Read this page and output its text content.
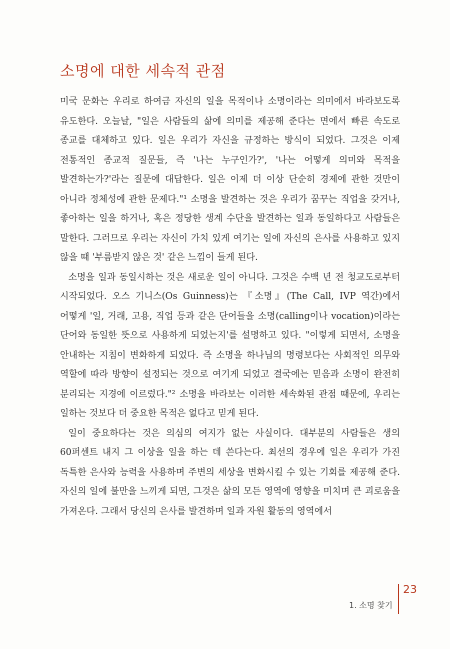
소명에 대한 세속적 관점

미국 문화는 우리로 하여금 자신의 일을 목적이나 소명이라는 의미에서 바라보도록 유도한다. 오늘날, "일은 사람들의 삶에 의미를 제공해 준다는 면에서 빠른 속도로 종교를 대체하고 있다. 일은 우리가 자신을 규정하는 방식이 되었다. 그것은 이제 전통적인 종교적 질문들, 즉 '나는 누구인가?', '나는 어떻게 의미와 목적을 발견하는가?'라는 질문에 대답한다. 일은 이제 더 이상 단순히 경제에 관한 것만이 아니라 정체성에 관한 문제다."¹ 소명을 발견하는 것은 우리가 꿈꾸는 직업을 갖거나, 좋아하는 일을 하거나, 혹은 정당한 생계 수단을 발견하는 일과 동일하다고 사람들은 말한다. 그러므로 우리는 자신이 가치 있게 여기는 일에 자신의 은사를 사용하고 있지 않을 때 '부름받지 않은 것' 같은 느낌이 들게 된다.

소명을 일과 동일시하는 것은 새로운 일이 아니다. 그것은 수백 년 전 청교도로부터 시작되었다. 오스 기니스(Os Guinness)는 『소명』(The Call, IVP 역간)에서 어떻게 '일, 거래, 고용, 직업 등과 같은 단어들을 소명(calling이나 vocation)이라는 단어와 동일한 뜻으로 사용하게 되었는지'를 설명하고 있다. "이렇게 되면서, 소명을 안내하는 지침이 변화하게 되었다. 즉 소명을 하나님의 명령보다는 사회적인 의무와 역할에 따라 방향이 설정되는 것으로 여기게 되었고 결국에는 믿음과 소명이 완전히 분리되는 지경에 이르렀다."² 소명을 바라보는 이러한 세속화된 관점 때문에, 우리는 일하는 것보다 더 중요한 목적은 없다고 믿게 된다.

일이 중요하다는 것은 의심의 여지가 없는 사실이다. 대부분의 사람들은 생의 60퍼센트 내지 그 이상을 일을 하는 데 쓴다는다. 최선의 경우에 일은 우리가 가진 독특한 은사와 능력을 사용하며 주변의 세상을 변화시킬 수 있는 기회를 제공해 준다. 자신의 일에 불만을 느끼게 되면, 그것은 삶의 모든 영역에 영향을 미치며 큰 괴로움을 가져온다. 그래서 당신의 은사를 발견하며 일과 자원 활동의 영역에서

23
1. 소명 찾기
